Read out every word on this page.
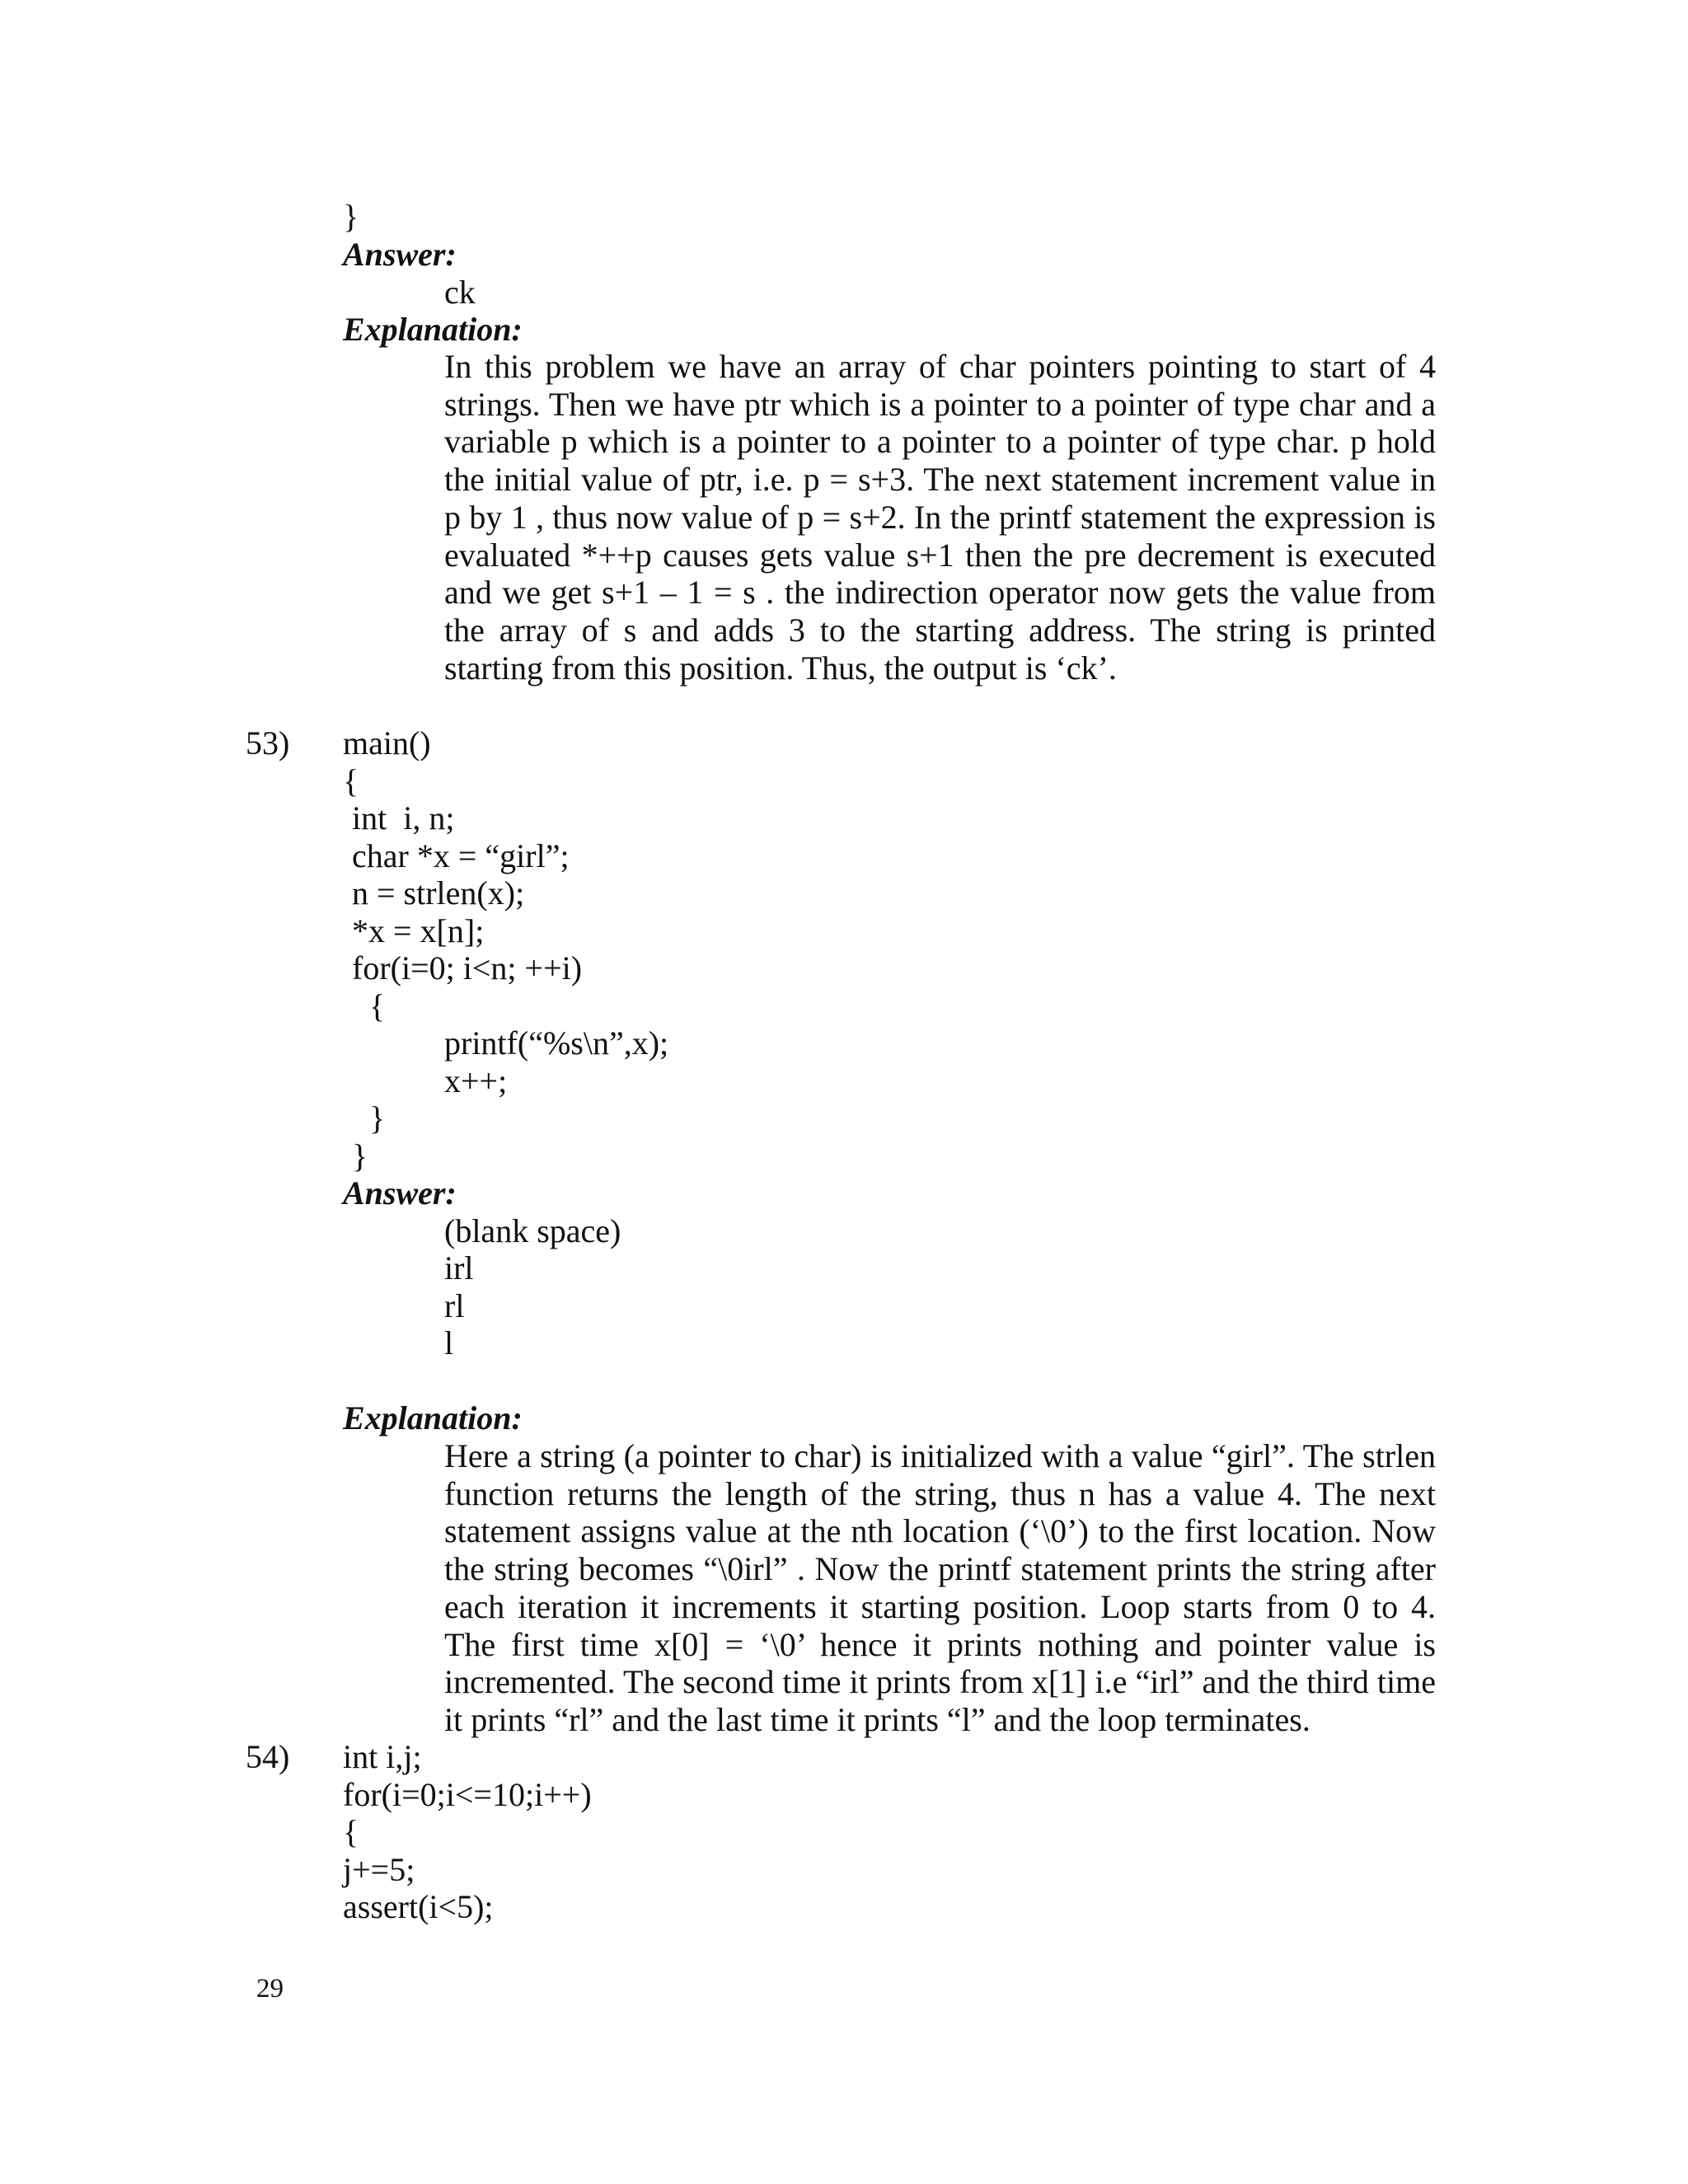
}
Answer:
ck
Explanation:
In this problem we have an array of char pointers pointing to start of 4 strings. Then we have ptr which is a pointer to a pointer of type char and a variable p which is a pointer to a pointer to a pointer of type char. p hold the initial value of ptr, i.e. p = s+3. The next statement increment value in p by 1 , thus now value of p = s+2. In the printf statement the expression is evaluated *++p causes gets value s+1 then the pre decrement is executed and we get s+1 – 1 = s . the indirection operator now gets the value from the array of s and adds 3 to the starting address. The string is printed starting from this position. Thus, the output is ‘ck’.
53) main()
{
int  i, n;
char *x = “girl”;
n = strlen(x);
*x = x[n];
for(i=0; i<n; ++i)
{
printf(“%s\n”,x);
x++;
}
}
Answer:
(blank space)
irl
rl
l
Explanation:
Here a string (a pointer to char) is initialized with a value “girl”. The strlen function returns the length of the string, thus n has a value 4. The next statement assigns value at the nth location (‘\0’) to the first location. Now the string becomes “\0irl” . Now the printf statement prints the string after each iteration it increments it starting position. Loop starts from 0 to 4. The first time x[0] = ‘\0’ hence it prints nothing and pointer value is incremented. The second time it prints from x[1] i.e “irl” and the third time it prints “rl” and the last time it prints “l” and the loop terminates.
54) int i,j;
for(i=0;i<=10;i++)
{
j+=5;
assert(i<5);
29
